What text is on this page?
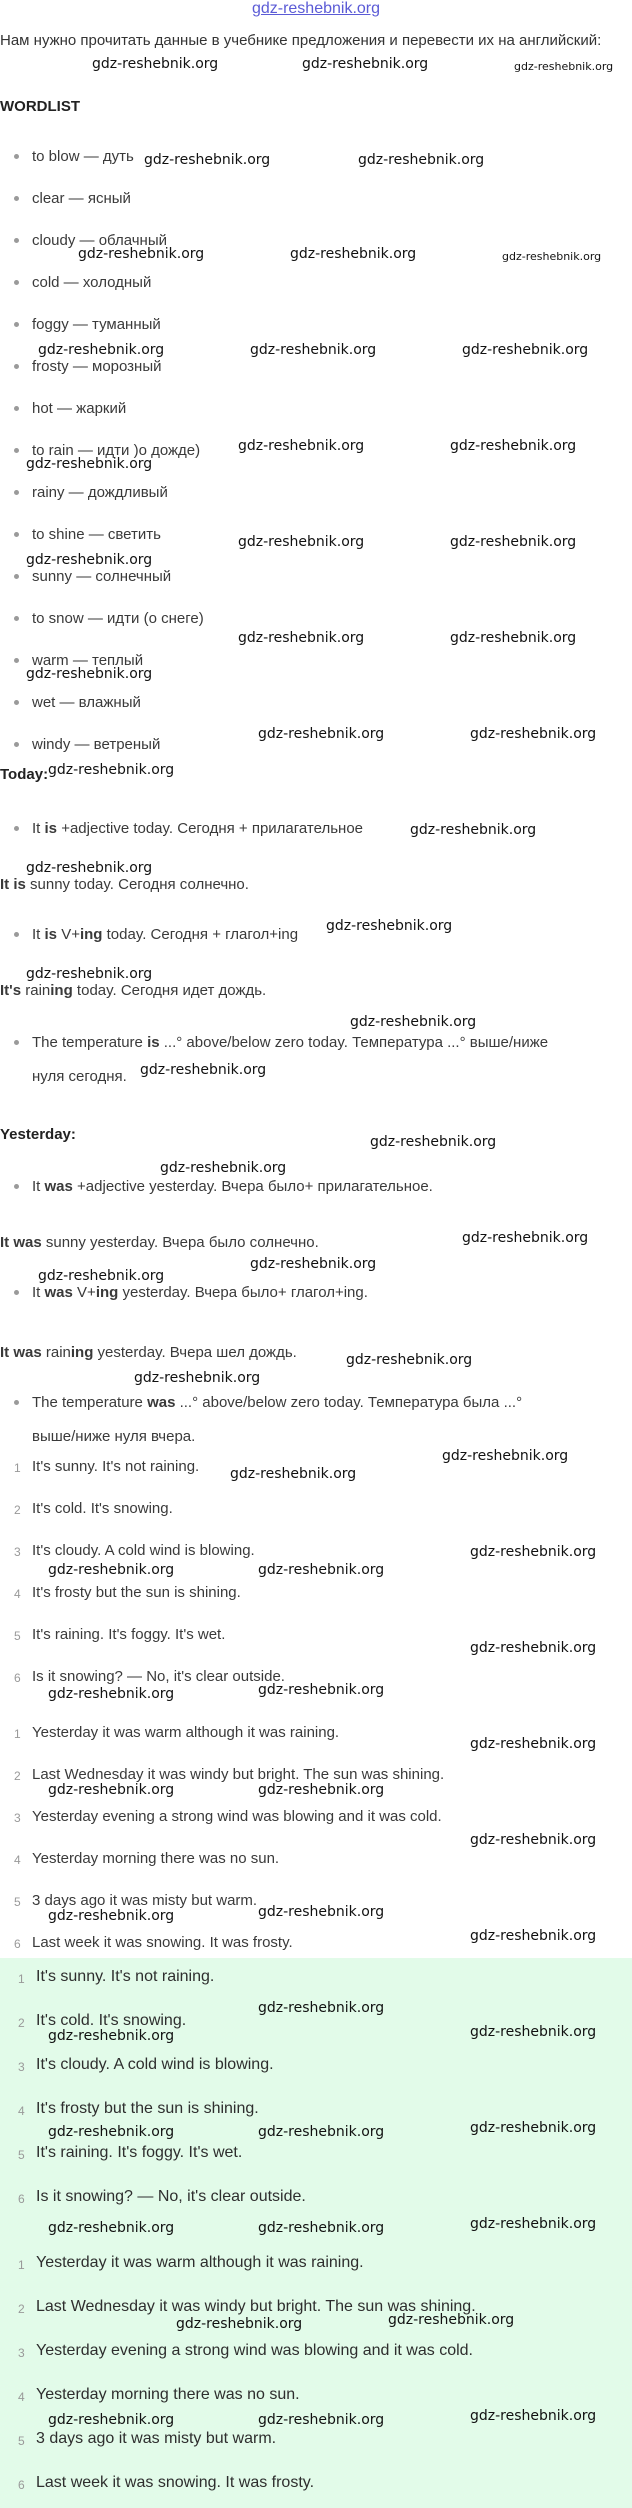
gdz-reshebnik.org
Нам нужно прочитать данные в учебнике предложения и перевести их на английский:
WORDLIST
to blow — дуть
clear — ясный
cloudy — облачный
cold — холодный
foggy — туманный
frosty — морозный
hot — жаркий
to rain — идти )о дожде)
rainy — дождливый
to shine — светить
sunny — солнечный
to snow — идти (о снеге)
warm — теплый
wet — влажный
windy — ветреный
Today:
It is +adjective today. Сегодня + прилагательное
It is sunny today. Сегодня солнечно.
It is V+ing today. Сегодня + глагол+ing
It's raining today. Сегодня идет дождь.
The temperature is ...° above/below zero today. Температура ...° выше/ниже
нуля сегодня.
Yesterday:
It was +adjective yesterday. Вчера было+ прилагательное.
It was sunny yesterday. Вчера было солнечно.
It was V+ing yesterday. Вчера было+ глагол+ing.
It was raining yesterday. Вчера шел дождь.
The temperature was ...° above/below zero today. Температура была ...°
выше/ниже нуля вчера.
1 It's sunny. It's not raining.
2 It's cold. It's snowing.
3 It's cloudy. A cold wind is blowing.
4 It's frosty but the sun is shining.
5 It's raining. It's foggy. It's wet.
6 Is it snowing? — No, it's clear outside.
1 Yesterday it was warm although it was raining.
2 Last Wednesday it was windy but bright. The sun was shining.
3 Yesterday evening a strong wind was blowing and it was cold.
4 Yesterday morning there was no sun.
5 3 days ago it was misty but warm.
6 Last week it was snowing. It was frosty.
1 It's sunny. It's not raining.
2 It's cold. It's snowing.
3 It's cloudy. A cold wind is blowing.
4 It's frosty but the sun is shining.
5 It's raining. It's foggy. It's wet.
6 Is it snowing? — No, it's clear outside.
1 Yesterday it was warm although it was raining.
2 Last Wednesday it was windy but bright. The sun was shining.
3 Yesterday evening a strong wind was blowing and it was cold.
4 Yesterday morning there was no sun.
5 3 days ago it was misty but warm.
6 Last week it was snowing. It was frosty.
gdz-reshebnik.org	gdz-reshebnik.org	gdz-reshebnik.org
gdz-reshebnik.org	gdz-reshebnik.org
gdz-reshebnik.org	gdz-reshebnik.org	gdz-reshebnik.org
gdz-reshebnik.org	gdz-reshebnik.org	gdz-reshebnik.org
gdz-reshebnik.org	gdz-reshebnik.org
gdz-reshebnik.org
gdz-reshebnik.org	gdz-reshebnik.org
gdz-reshebnik.org
gdz-reshebnik.org	gdz-reshebnik.org
gdz-reshebnik.org
gdz-reshebnik.org	gdz-reshebnik.org
gdz-reshebnik.org
gdz-reshebnik.org
gdz-reshebnik.org
gdz-reshebnik.org
gdz-reshebnik.org
gdz-reshebnik.org
gdz-reshebnik.org
gdz-reshebnik.org
gdz-reshebnik.org
gdz-reshebnik.org
gdz-reshebnik.org
gdz-reshebnik.org
gdz-reshebnik.org
gdz-reshebnik.org
gdz-reshebnik.org
gdz-reshebnik.org
gdz-reshebnik.org
gdz-reshebnik.org	gdz-reshebnik.org
gdz-reshebnik.org
gdz-reshebnik.org	gdz-reshebnik.org
gdz-reshebnik.org
gdz-reshebnik.org	gdz-reshebnik.org
gdz-reshebnik.org
gdz-reshebnik.org	gdz-reshebnik.org
gdz-reshebnik.org
gdz-reshebnik.org
gdz-reshebnik.org
gdz-reshebnik.org
gdz-reshebnik.org	gdz-reshebnik.org	gdz-reshebnik.org
gdz-reshebnik.org	gdz-reshebnik.org	gdz-reshebnik.org
gdz-reshebnik.org	gdz-reshebnik.org
gdz-reshebnik.org	gdz-reshebnik.org	gdz-reshebnik.org
